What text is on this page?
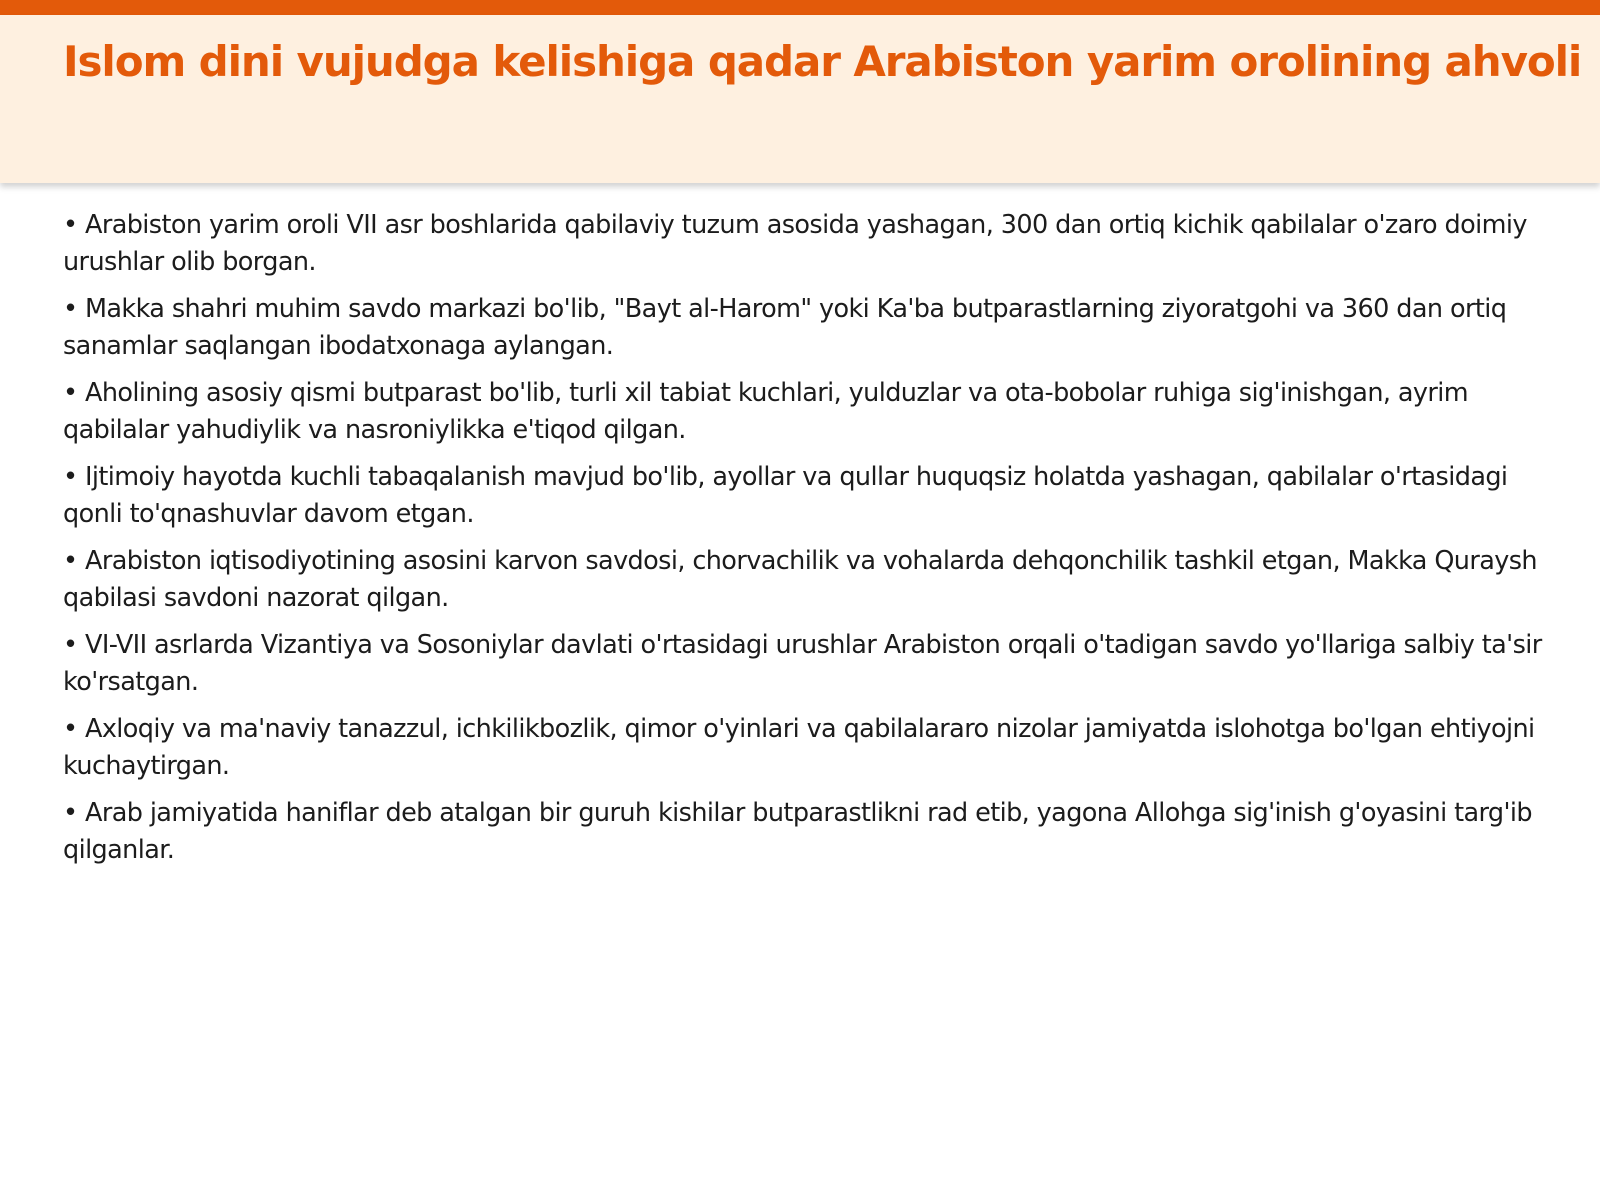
Islom dini vujudga kelishiga qadar Arabiston yarim orolining ahvoli

• Arabiston yarim oroli VII asr boshlarida qabilaviy tuzum asosida yashagan, 300 dan ortiq kichik qabilalar o'zaro doimiy urushlar olib borgan.

• Makka shahri muhim savdo markazi bo'lib, "Bayt al-Harom" yoki Ka'ba butparastlarning ziyoratgohi va 360 dan ortiq sanamlar saqlangan ibodatxonaga aylangan.

• Aholining asosiy qismi butparast bo'lib, turli xil tabiat kuchlari, yulduzlar va ota-bobolar ruhiga sig'inishgan, ayrim qabilalar yahudiylik va nasroniylikka e'tiqod qilgan.

• Ijtimoiy hayotda kuchli tabaqalanish mavjud bo'lib, ayollar va qullar huquqsiz holatda yashagan, qabilalar o'rtasidagi qonli to'qnashuvlar davom etgan.

• Arabiston iqtisodiyotining asosini karvon savdosi, chorvachilik va vohalarda dehqonchilik tashkil etgan, Makka Quraysh qabilasi savdoni nazorat qilgan.

• VI-VII asrlarda Vizantiya va Sosoniylar davlati o'rtasidagi urushlar Arabiston orqali o'tadigan savdo yo'llariga salbiy ta'sir ko'rsatgan.

• Axloqiy va ma'naviy tanazzul, ichkilikbozlik, qimor o'yinlari va qabilalararo nizolar jamiyatda islohotga bo'lgan ehtiyojni kuchaytirgan.

• Arab jamiyatida haniflar deb atalgan bir guruh kishilar butparastlikni rad etib, yagona Allohga sig'inish g'oyasini targ'ib qilganlar.
